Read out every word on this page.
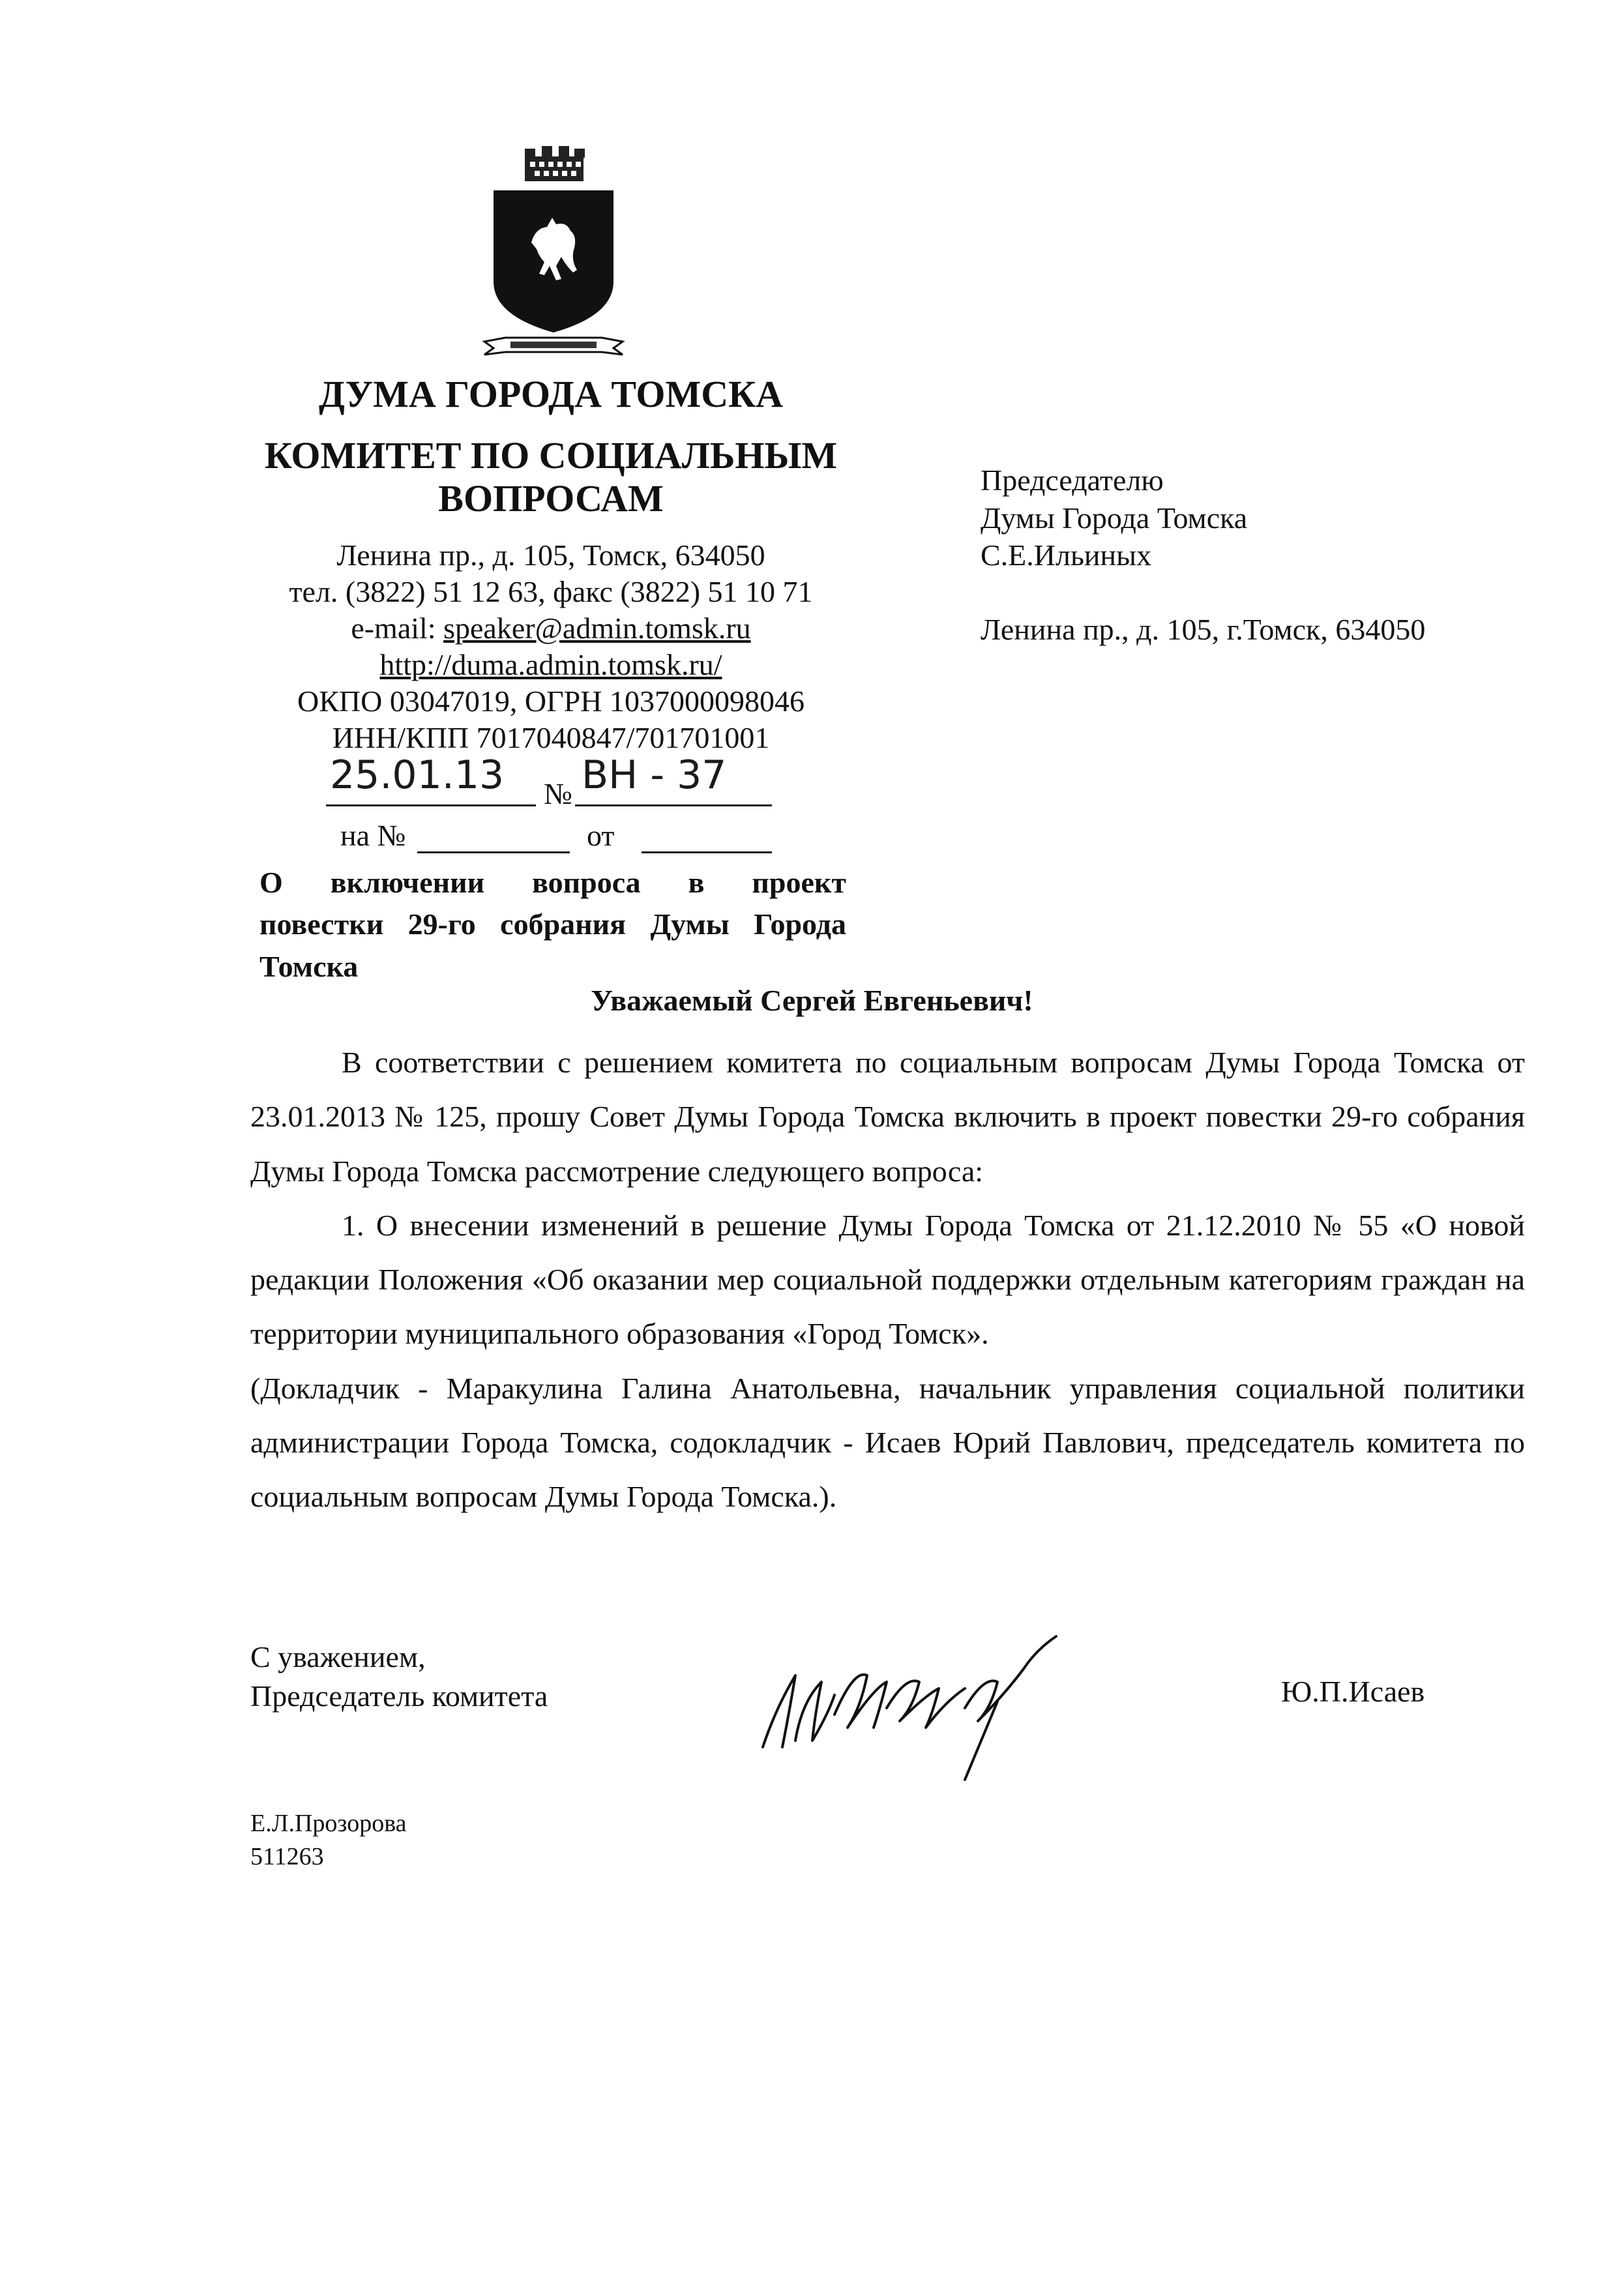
ДУМА ГОРОДА ТОМСКА
КОМИТЕТ ПО СОЦИАЛЬНЫМ
ВОПРОСАМ
Ленина пр., д. 105, Томск, 634050
тел. (3822) 51 12 63, факс (3822) 51 10 71
e-mail: speaker@admin.tomsk.ru
http://duma.admin.tomsk.ru/
ОКПО 03047019, ОГРН 1037000098046
ИНН/КПП 7017040847/701701001
25.01.13 № ВН - 37
на №	от
Председателю
Думы Города Томска
С.Е.Ильиных
Ленина пр., д. 105, г.Томск, 634050
О включении вопроса в проект
повестки 29-го собрания Думы Города
Томска
Уважаемый Сергей Евгеньевич!
В соответствии с решением комитета по социальным вопросам Думы Города Томска от 23.01.2013 № 125, прошу Совет Думы Города Томска включить в проект повестки 29-го собрания Думы Города Томска рассмотрение следующего вопроса:
1. О внесении изменений в решение Думы Города Томска от 21.12.2010 № 55 «О новой редакции Положения «Об оказании мер социальной поддержки отдельным категориям граждан на территории муниципального образования «Город Томск».
(Докладчик - Маракулина Галина Анатольевна, начальник управления социальной политики администрации Города Томска, содокладчик - Исаев Юрий Павлович, председатель комитета по социальным вопросам Думы Города Томска.).
С уважением,
Председатель комитета	Ю.П.Исаев
Е.Л.Прозорова
511263
